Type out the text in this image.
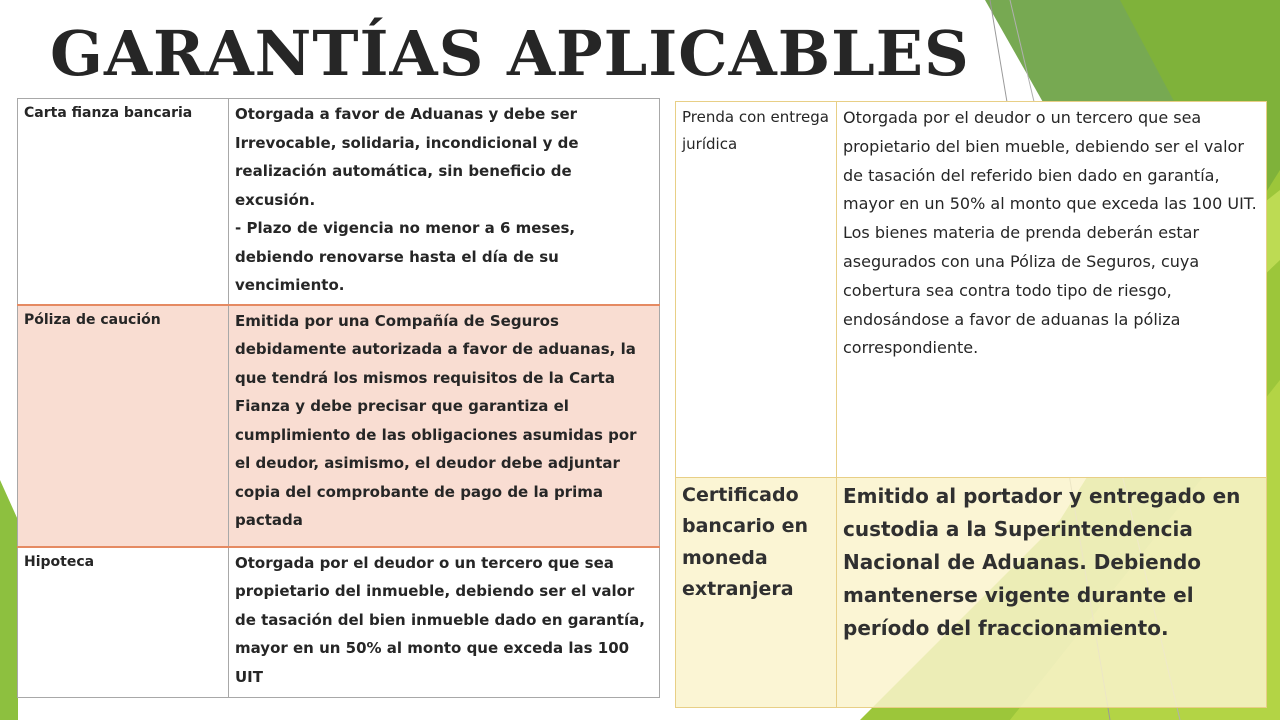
GARANTÍAS APLICABLES
Carta fianza bancaria	Otorgada a favor de Aduanas y debe ser Irrevocable, solidaria, incondicional y de realización automática, sin beneficio de excusión.
- Plazo de vigencia no menor a 6 meses, debiendo renovarse hasta el día de su vencimiento.
Póliza de caución	Emitida por una Compañía de Seguros debidamente autorizada a favor de aduanas, la que tendrá los mismos requisitos de la Carta Fianza y debe precisar que garantiza el cumplimiento de las obligaciones asumidas por el deudor, asimismo, el deudor debe adjuntar copia del comprobante de pago de la prima pactada
Hipoteca	Otorgada por el deudor o un tercero que sea propietario del inmueble, debiendo ser el valor de tasación del bien inmueble dado en garantía, mayor en un 50% al monto que exceda las 100 UIT
Prenda con entrega jurídica	Otorgada por el deudor o un tercero que sea propietario del bien mueble, debiendo ser el valor de tasación del referido bien dado en garantía, mayor en un 50% al monto que exceda las 100 UIT. Los bienes materia de prenda deberán estar asegurados con una Póliza de Seguros, cuya cobertura sea contra todo tipo de riesgo, endosándose a favor de aduanas la póliza correspondiente.
Certificado bancario en moneda extranjera	Emitido al portador y entregado en custodia a la Superintendencia Nacional de Aduanas. Debiendo mantenerse vigente durante el período del fraccionamiento.
